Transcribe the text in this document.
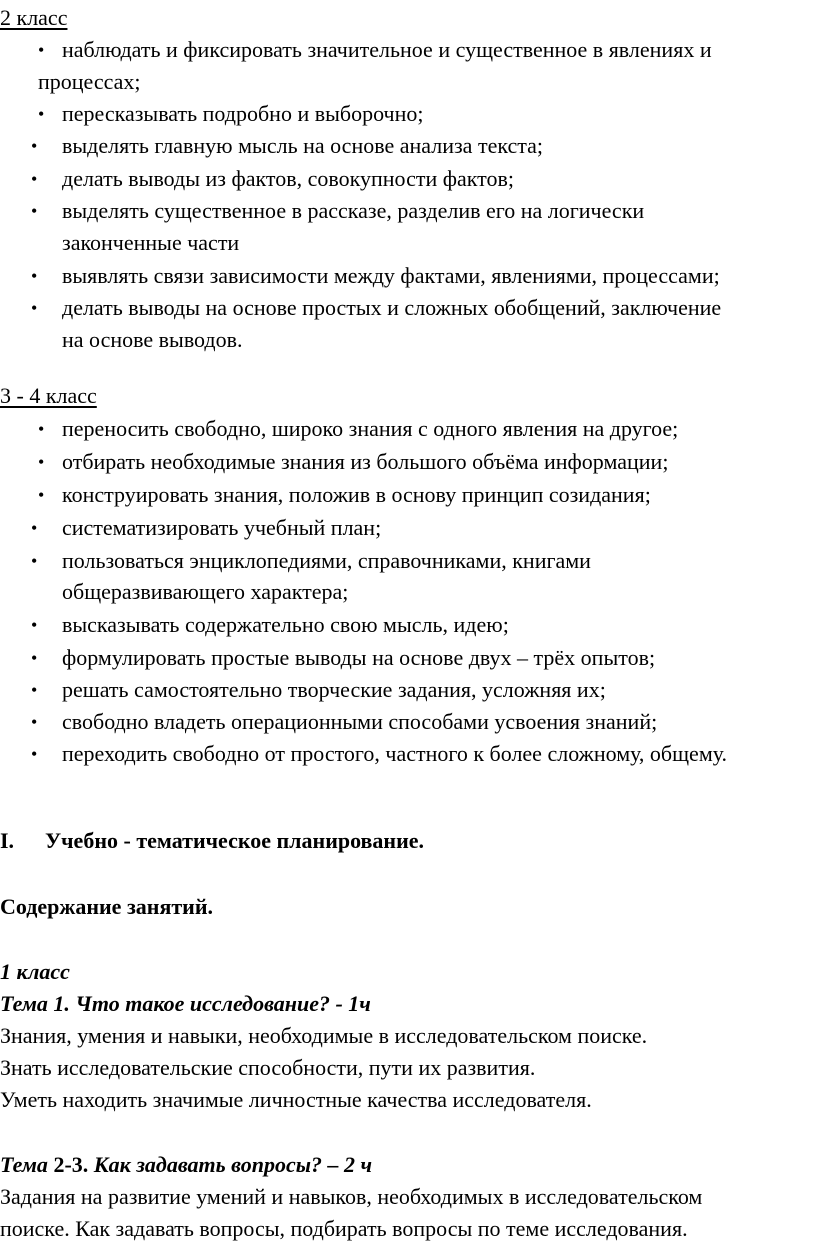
2 класс
• наблюдать и фиксировать значительное и существенное в явлениях и
процессах;
• пересказывать подробно и выборочно;
• выделять главную мысль на основе анализа текста;
• делать выводы из фактов, совокупности фактов;
• выделять существенное в рассказе, разделив его на логически
законченные части
• выявлять связи зависимости между фактами, явлениями, процессами;
• делать выводы на основе простых и сложных обобщений, заключение
на основе выводов.
3 - 4 класс
• переносить свободно, широко знания с одного явления на другое;
• отбирать необходимые знания из большого объёма информации;
• конструировать знания, положив в основу принцип созидания;
• систематизировать учебный план;
• пользоваться энциклопедиями, справочниками, книгами
общеразвивающего характера;
• высказывать содержательно свою мысль, идею;
• формулировать простые выводы на основе двух – трёх опытов;
• решать самостоятельно творческие задания, усложняя их;
• свободно владеть операционными способами усвоения знаний;
• переходить свободно от простого, частного к более сложному, общему.
I. Учебно - тематическое планирование.
Содержание занятий.
1 класс
Тема 1. Что такое исследование? - 1ч
Знания, умения и навыки, необходимые в исследовательском поиске.
Знать исследовательские способности, пути их развития.
Уметь находить значимые личностные качества исследователя.
Тема 2-3. Как задавать вопросы? – 2 ч
Задания на развитие умений и навыков, необходимых в исследовательском
поиске. Как задавать вопросы, подбирать вопросы по теме исследования.
